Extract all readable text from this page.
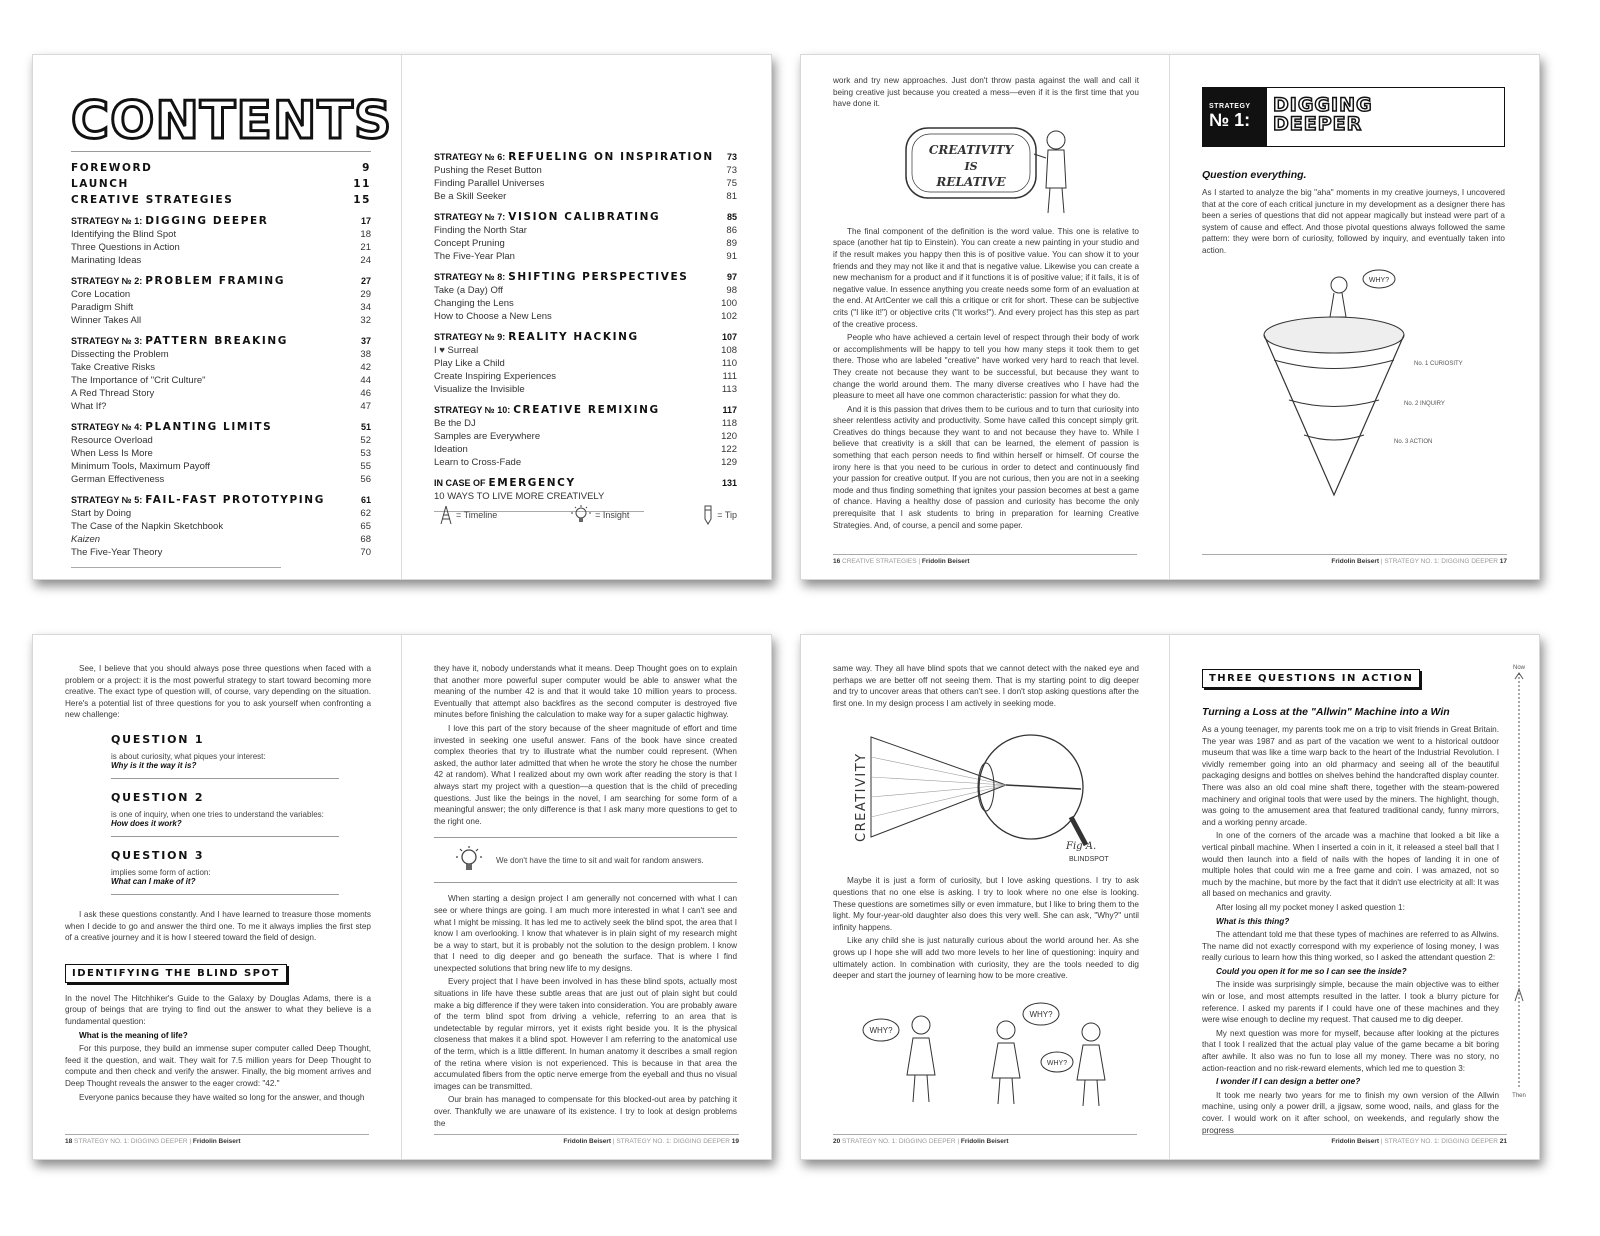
CONTENTS
FOREWORD	9
LAUNCH	11
CREATIVE STRATEGIES	15
STRATEGY № 1: DIGGING DEEPER	17
Identifying the Blind Spot	18
Three Questions in Action	21
Marinating Ideas	24
STRATEGY № 2: PROBLEM FRAMING	27
Core Location	29
Paradigm Shift	34
Winner Takes All	32
STRATEGY № 3: PATTERN BREAKING	37
Dissecting the Problem	38
Take Creative Risks	42
The Importance of "Crit Culture"	44
A Red Thread Story	46
What If?	47
STRATEGY № 4: PLANTING LIMITS	51
Resource Overload	52
When Less Is More	53
Minimum Tools, Maximum Payoff	55
German Effectiveness	56
STRATEGY № 5: FAIL-FAST PROTOTYPING	61
Start by Doing	62
The Case of the Napkin Sketchbook	65
Kaizen	68
The Five-Year Theory	70
STRATEGY № 6: REFUELING ON INSPIRATION 73
Pushing the Reset Button	73
Finding Parallel Universes	75
Be a Skill Seeker	81
STRATEGY № 7: VISION CALIBRATING	85
Finding the North Star	86
Concept Pruning	89
The Five-Year Plan	91
STRATEGY № 8: SHIFTING PERSPECTIVES	97
Take (a Day) Off	98
Changing the Lens	100
How to Choose a New Lens	102
STRATEGY № 9: REALITY HACKING	107
I ♥ Surreal	108
Play Like a Child	110
Create Inspiring Experiences	111
Visualize the Invisible	113
STRATEGY № 10: CREATIVE REMIXING	117
Be the DJ	118
Samples are Everywhere	120
Ideation	122
Learn to Cross-Fade	129
IN CASE OF EMERGENCY	131
10 WAYS TO LIVE MORE CREATIVELY
= Timeline	= Insight	= Tip

work and try new approaches. Just don't throw pasta against the wall and call it being creative just because you created a mess—even if it is the first time that you have done it.

CREATIVITY
IS
RELATIVE

The final component of the definition is the word value. This one is relative to space (another hat tip to Einstein). You can create a new painting in your studio and if the result makes you happy then this is of positive value. You can show it to your friends and they may not like it and that is negative value. Likewise you can create a new mechanism for a product and if it functions it is of positive value; if it fails, it is of negative value. In essence anything you create needs some form of an evaluation at the end. At ArtCenter we call this a critique or crit for short. These can be subjective crits ("I like it!") or objective crits ("It works!"). And every project has this step as part of the creative process.

People who have achieved a certain level of respect through their body of work or accomplishments will be happy to tell you how many steps it took them to get there. Those who are labeled "creative" have worked very hard to reach that level. They create not because they want to be successful, but because they want to change the world around them. The many diverse creatives who I have had the pleasure to meet all have one common characteristic: passion for what they do.

And it is this passion that drives them to be curious and to turn that curiosity into sheer relentless activity and productivity. Some have called this concept simply grit. Creatives do things because they want to and not because they have to. While I believe that creativity is a skill that can be learned, the element of passion is something that each person needs to find within herself or himself. Of course the irony here is that you need to be curious in order to detect and continuously find your passion for creative output. If you are not curious, then you are not in a seeking mode and thus finding something that ignites your passion becomes at best a game of chance. Having a healthy dose of passion and curiosity has become the only prerequisite that I ask students to bring in preparation for learning Creative Strategies. And, of course, a pencil and some paper.

16 CREATIVE STRATEGIES | Fridolin Beisert
STRATEGY
№ 1:
DIGGING
DEEPER
Question everything.

As I started to analyze the big "aha" moments in my creative journeys, I uncovered that at the core of each critical juncture in my development as a designer there has been a series of questions that did not appear magically but instead were part of a system of cause and effect. And those pivotal questions always followed the same pattern: they were born of curiosity, followed by inquiry, and eventually taken into action.

WHY?
No. 1 CURIOSITY
No. 2 INQUIRY
No. 3 ACTION
Fridolin Beisert | STRATEGY NO. 1: DIGGING DEEPER 17

See, I believe that you should always pose three questions when faced with a problem or a project: it is the most powerful strategy to start toward becoming more creative. The exact type of question will, of course, vary depending on the situation. Here's a potential list of three questions for you to ask yourself when confronting a new challenge:

QUESTION 1
is about curiosity, what piques your interest:
Why is it the way it is?
QUESTION 2
is one of inquiry, when one tries to understand the variables:
How does it work?
QUESTION 3
implies some form of action:
What can I make of it?

I ask these questions constantly. And I have learned to treasure those moments when I decide to go and answer the third one. To me it always implies the first step of a creative journey and it is how I steered toward the field of design.

IDENTIFYING THE BLIND SPOT

In the novel The Hitchhiker's Guide to the Galaxy by Douglas Adams, there is a group of beings that are trying to find out the answer to what they believe is a fundamental question:

What is the meaning of life?

For this purpose, they build an immense super computer called Deep Thought, feed it the question, and wait. They wait for 7.5 million years for Deep Thought to compute and then check and verify the answer. Finally, the big moment arrives and Deep Thought reveals the answer to the eager crowd: "42."

Everyone panics because they have waited so long for the answer, and though

18 STRATEGY NO. 1: DIGGING DEEPER | Fridolin Beisert

they have it, nobody understands what it means. Deep Thought goes on to explain that another more powerful super computer would be able to answer what the meaning of the number 42 is and that it would take 10 million years to process. Eventually that attempt also backfires as the second computer is destroyed five minutes before finishing the calculation to make way for a super galactic highway.

I love this part of the story because of the sheer magnitude of effort and time invested in seeking one useful answer. Fans of the book have since created complex theories that try to illustrate what the number could represent. (When asked, the author later admitted that when he wrote the story he chose the number 42 at random). What I realized about my own work after reading the story is that I always start my project with a question—a question that is the child of preceding questions. Just like the beings in the novel, I am searching for some form of a meaningful answer; the only difference is that I ask many more questions to get to the right one.

We don't have the time to sit and wait for random answers.

When starting a design project I am generally not concerned with what I can see or where things are going. I am much more interested in what I can't see and what I might be missing. It has led me to actively seek the blind spot, the area that I know I am overlooking. I know that whatever is in plain sight of my research might be a way to start, but it is probably not the solution to the design problem. I know that I need to dig deeper and go beneath the surface. That is where I find unexpected solutions that bring new life to my designs.

Every project that I have been involved in has these blind spots, actually most situations in life have these subtle areas that are just out of plain sight but could make a big difference if they were taken into consideration. You are probably aware of the term blind spot from driving a vehicle, referring to an area that is undetectable by regular mirrors, yet it exists right beside you. It is the physical closeness that makes it a blind spot. However I am referring to the anatomical use of the term, which is a little different. In human anatomy it describes a small region of the retina where vision is not experienced. This is because in that area the accumulated fibers from the optic nerve emerge from the eyeball and thus no visual images can be transmitted.

Our brain has managed to compensate for this blocked-out area by patching it over. Thankfully we are unaware of its existence. I try to look at design problems the

Fridolin Beisert | STRATEGY NO. 1: DIGGING DEEPER 19

same way. They all have blind spots that we cannot detect with the naked eye and perhaps we are better off not seeing them. That is my starting point to dig deeper and try to uncover areas that others can't see. I don't stop asking questions after the first one. In my design process I am actively in seeking mode.

CREATIVITY
Fig A.
BLINDSPOT

Maybe it is just a form of curiosity, but I love asking questions. I try to ask questions that no one else is asking. I try to look where no one else is looking. These questions are sometimes silly or even immature, but I like to bring them to the light. My four-year-old daughter also does this very well. She can ask, "Why?" until infinity happens.

Like any child she is just naturally curious about the world around her. As she grows up I hope she will add two more levels to her line of questioning: inquiry and ultimately action. In combination with curiosity, they are the tools needed to dig deeper and start the journey of learning how to be more creative.

WHY?
WHY?
WHY?
20 STRATEGY NO. 1: DIGGING DEEPER | Fridolin Beisert
THREE QUESTIONS IN ACTION
Turning a Loss at the "Allwin" Machine into a Win

As a young teenager, my parents took me on a trip to visit friends in Great Britain. The year was 1987 and as part of the vacation we went to a historical outdoor museum that was like a time warp back to the heart of the Industrial Revolution. I vividly remember going into an old pharmacy and seeing all of the beautiful packaging designs and bottles on shelves behind the handcrafted display counter. There was also an old coal mine shaft there, together with the steam-powered machinery and original tools that were used by the miners. The highlight, though, was going to the amusement area that featured traditional candy, funny mirrors, and a working penny arcade.

In one of the corners of the arcade was a machine that looked a bit like a vertical pinball machine. When I inserted a coin in it, it released a steel ball that I would then launch into a field of nails with the hopes of landing it in one of multiple holes that could win me a free game and coin. I was amazed, not so much by the machine, but more by the fact that it didn't use electricity at all: It was all based on mechanics and gravity.

After losing all my pocket money I asked question 1:

What is this thing?

The attendant told me that these types of machines are referred to as Allwins. The name did not exactly correspond with my experience of losing money, I was really curious to learn how this thing worked, so I asked the attendant question 2:

Could you open it for me so I can see the inside?

The inside was surprisingly simple, because the main objective was to either win or lose, and most attempts resulted in the latter. I took a blurry picture for reference. I asked my parents if I could have one of these machines and they were wise enough to decline my request. That caused me to dig deeper.

My next question was more for myself, because after looking at the pictures that I took I realized that the actual play value of the game became a bit boring after awhile. It also was no fun to lose all my money. There was no story, no action-reaction and no risk-reward elements, which led me to question 3:

I wonder if I can design a better one?

It took me nearly two years for me to finish my own version of the Allwin machine, using only a power drill, a jigsaw, some wood, nails, and glass for the cover. I would work on it after school, on weekends, and regularly show the progress

Now
Then
Fridolin Beisert | STRATEGY NO. 1: DIGGING DEEPER 21
